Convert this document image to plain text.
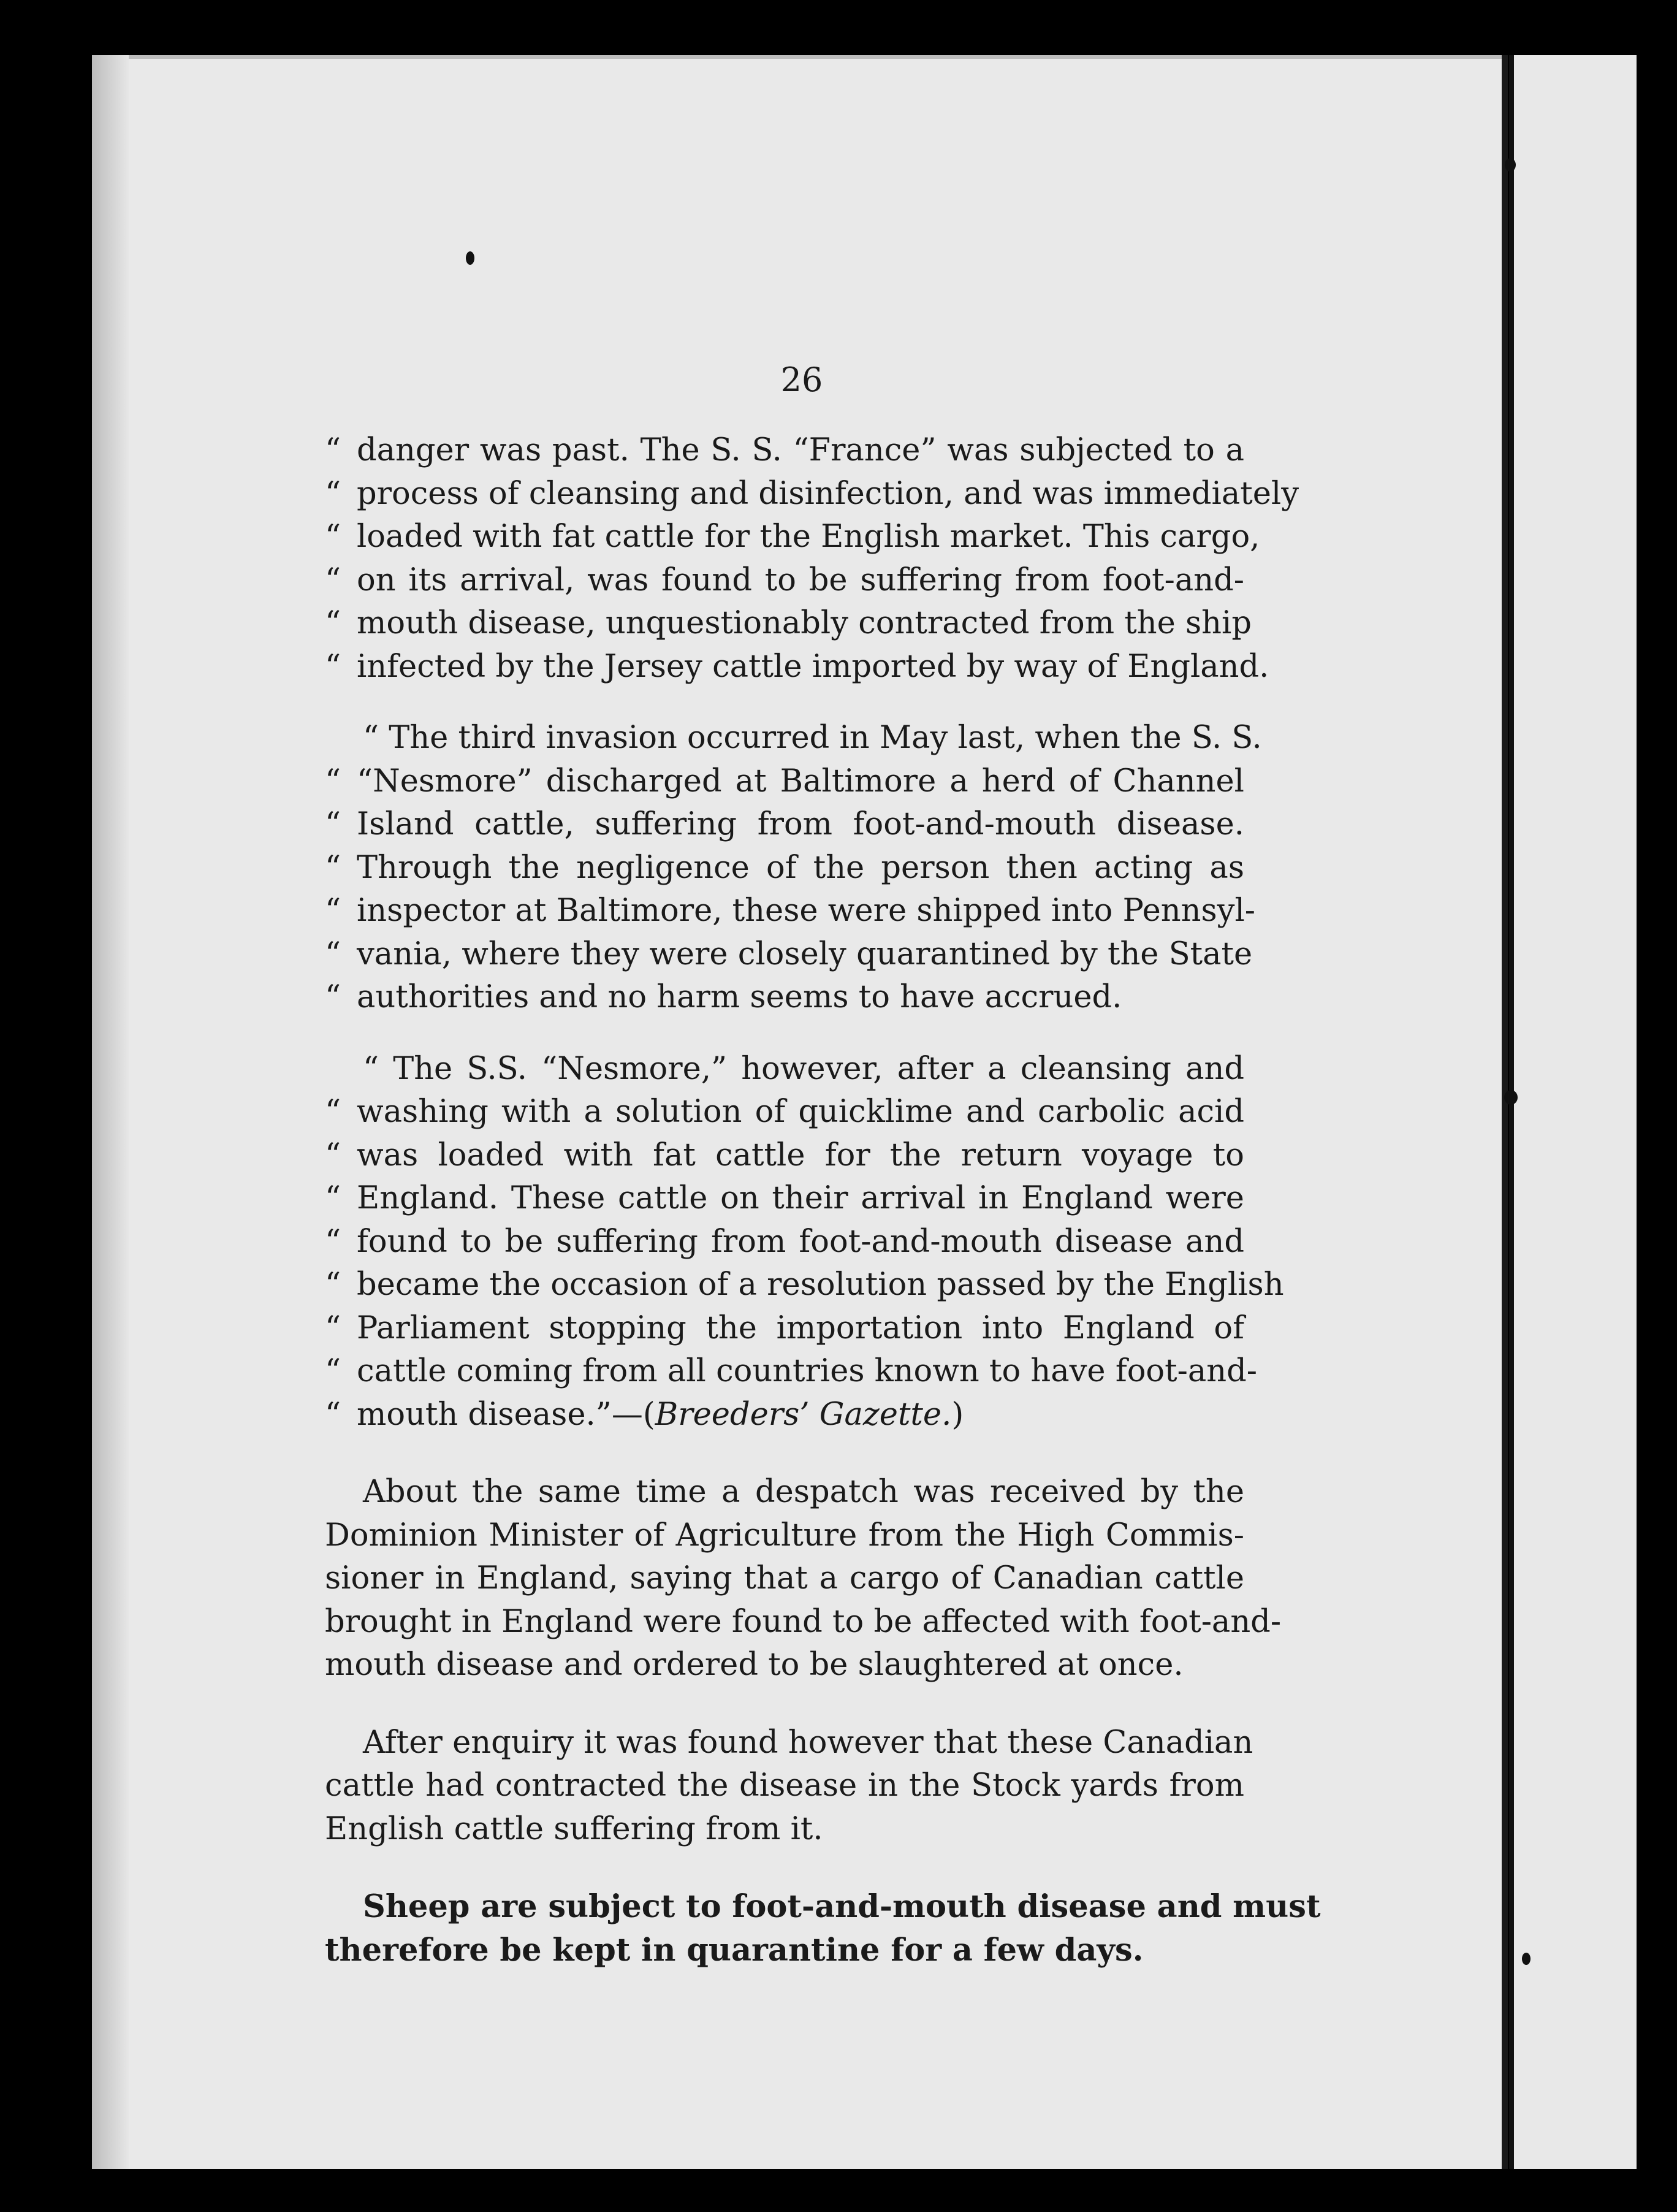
26
“ danger was past. The S. S. “France” was subjected to a
“ process of cleansing and disinfection, and was immediately
“ loaded with fat cattle for the English market. This cargo,
“ on its arrival, was found to be suffering from foot-and-
“ mouth disease, unquestionably contracted from the ship
“ infected by the Jersey cattle imported by way of England.
“ The third invasion occurred in May last, when the S. S.
“ “Nesmore” discharged at Baltimore a herd of Channel
“ Island cattle, suffering from foot-and-mouth disease.
“ Through the negligence of the person then acting as
“ inspector at Baltimore, these were shipped into Pennsyl-
“ vania, where they were closely quarantined by the State
“ authorities and no harm seems to have accrued.
“ The S.S. “Nesmore,” however, after a cleansing and
“ washing with a solution of quicklime and carbolic acid
“ was loaded with fat cattle for the return voyage to
“ England. These cattle on their arrival in England were
“ found to be suffering from foot-and-mouth disease and
“ became the occasion of a resolution passed by the English
“ Parliament stopping the importation into England of
“ cattle coming from all countries known to have foot-and-
“ mouth disease.”—(Breeders’ Gazette.)
About the same time a despatch was received by the
Dominion Minister of Agriculture from the High Commis-
sioner in England, saying that a cargo of Canadian cattle
brought in England were found to be affected with foot-and-
mouth disease and ordered to be slaughtered at once.
After enquiry it was found however that these Canadian
cattle had contracted the disease in the Stock yards from
English cattle suffering from it.
Sheep are subject to foot-and-mouth disease and must
therefore be kept in quarantine for a few days.
